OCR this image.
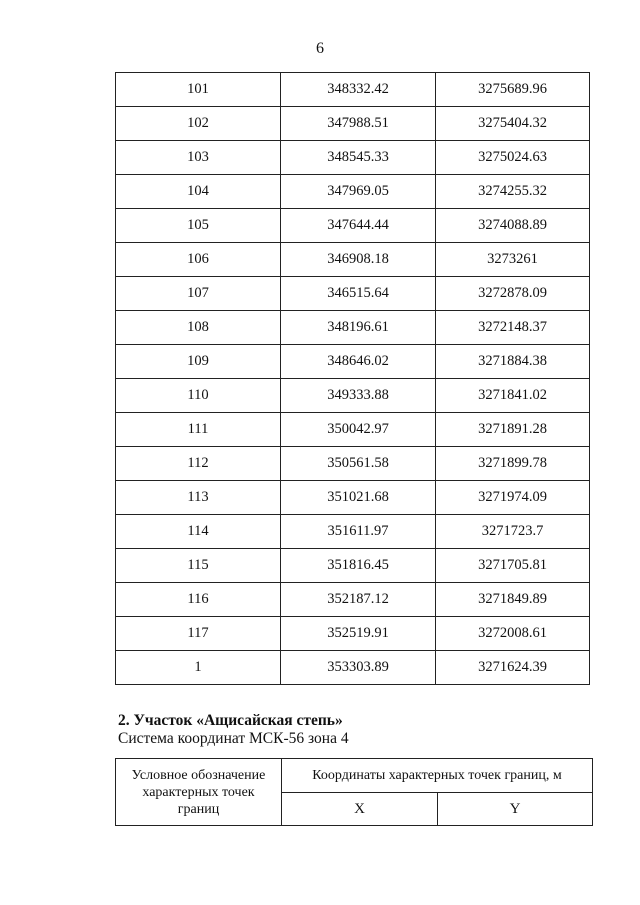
6
101	348332.42	3275689.96
102	347988.51	3275404.32
103	348545.33	3275024.63
104	347969.05	3274255.32
105	347644.44	3274088.89
106	346908.18	3273261
107	346515.64	3272878.09
108	348196.61	3272148.37
109	348646.02	3271884.38
110	349333.88	3271841.02
111	350042.97	3271891.28
112	350561.58	3271899.78
113	351021.68	3271974.09
114	351611.97	3271723.7
115	351816.45	3271705.81
116	352187.12	3271849.89
117	352519.91	3272008.61
1	353303.89	3271624.39
2. Участок «Ащисайская степь»
Система координат МСК-56 зона 4
Условное обозначение характерных точек границ	Координаты характерных точек границ, м	
	X	Y
